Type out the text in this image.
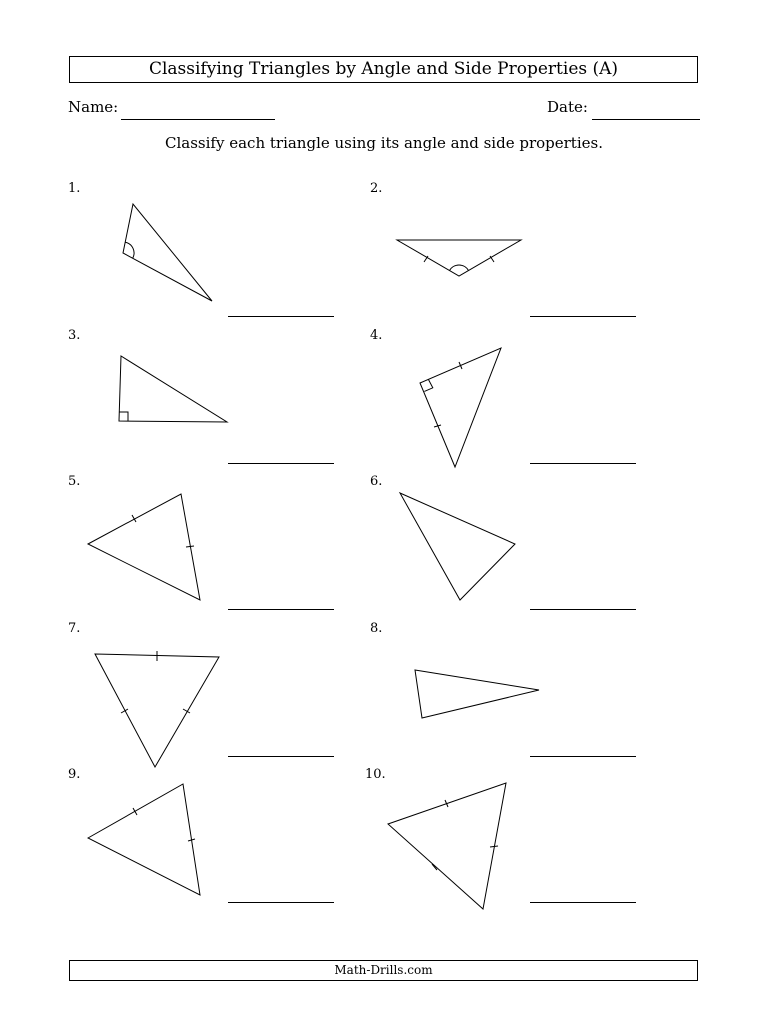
Classifying Triangles by Angle and Side Properties (A)
Name:	Date:
Classify each triangle using its angle and side properties.
1.	2.
3.	4.
5.	6.
7.	8.
9.	10.
Math-Drills.com
